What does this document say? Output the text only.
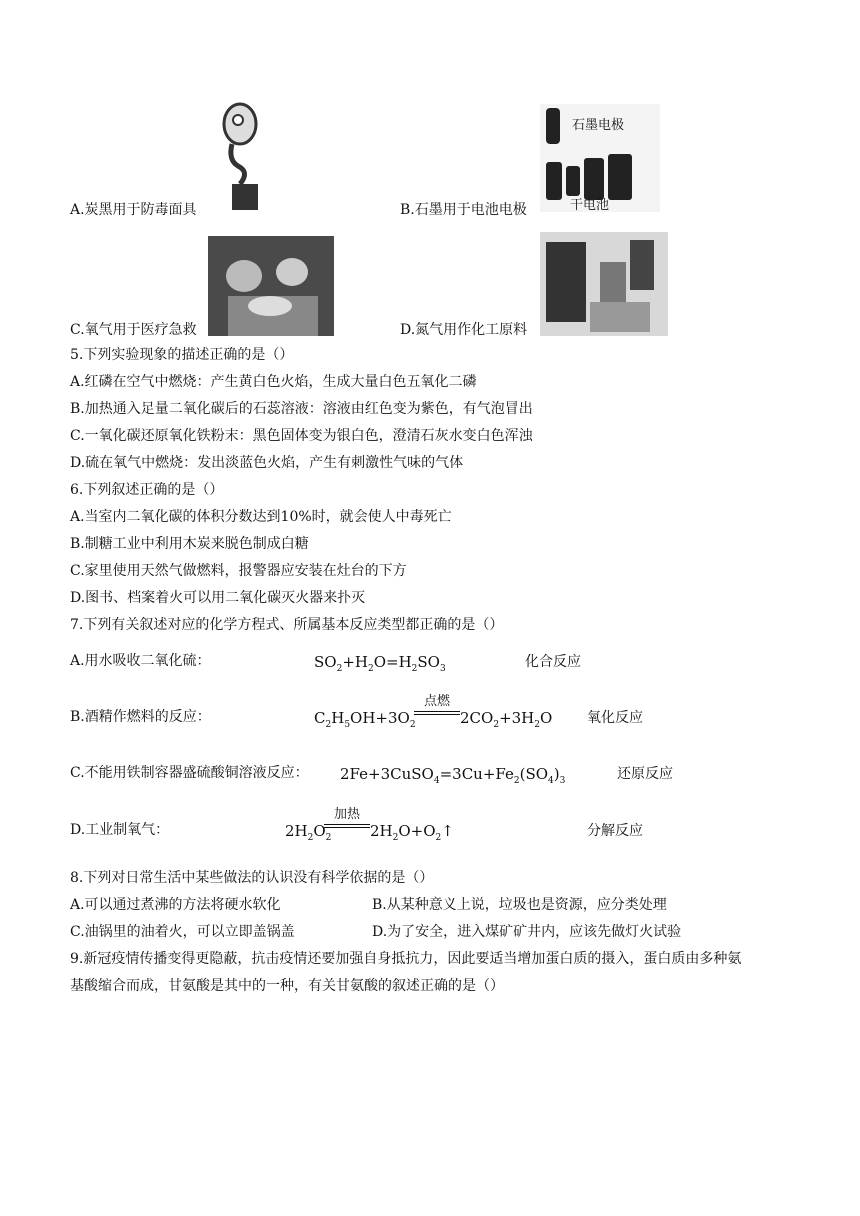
A.炭黑用于防毒面具
石墨电极
干电池
B.石墨用于电池电极
C.氧气用于医疗急救	D.氮气用作化工原料
5.下列实验现象的描述正确的是（）
A.红磷在空气中燃烧：产生黄白色火焰，生成大量白色五氧化二磷
B.加热通入足量二氧化碳后的石蕊溶液：溶液由红色变为紫色，有气泡冒出
C.一氧化碳还原氧化铁粉末：黑色固体变为银白色，澄清石灰水变白色浑浊
D.硫在氧气中燃烧：发出淡蓝色火焰，产生有刺激性气味的气体
6.下列叙述正确的是（）
A.当室内二氧化碳的体积分数达到10%时，就会使人中毒死亡
B.制糖工业中利用木炭来脱色制成白糖
C.家里使用天然气做燃料，报警器应安装在灶台的下方
D.图书、档案着火可以用二氧化碳灭火器来扑灭
7.下列有关叙述对应的化学方程式、所属基本反应类型都正确的是（）
A.用水吸收二氧化硫：	$SO_2+H_2O=H_2SO_3$	化合反应
B.酒精作燃料的反应：	$C_2H_5OH+3O_2$
点燃
$2CO_2+3H_2O$ 氧化反应
C.不能用铁制容器盛硫酸铜溶液反应： $2Fe+3CuSO_4=3Cu+Fe_2(SO_4)_3$	还原反应
D.工业制氧气：	$2H_2O_2$
加热
$2H_2O+O_2↑$	分解反应
8.下列对日常生活中某些做法的认识没有科学依据的是（）
A.可以通过煮沸的方法将硬水软化	B.从某种意义上说，垃圾也是资源，应分类处理
C.油锅里的油着火，可以立即盖锅盖	D.为了安全，进入煤矿矿井内，应该先做灯火试验
9.新冠疫情传播变得更隐蔽，抗击疫情还要加强自身抵抗力，因此要适当增加蛋白质的摄入，蛋白质由多种氨
基酸缩合而成，甘氨酸是其中的一种，有关甘氨酸的叙述正确的是（）
